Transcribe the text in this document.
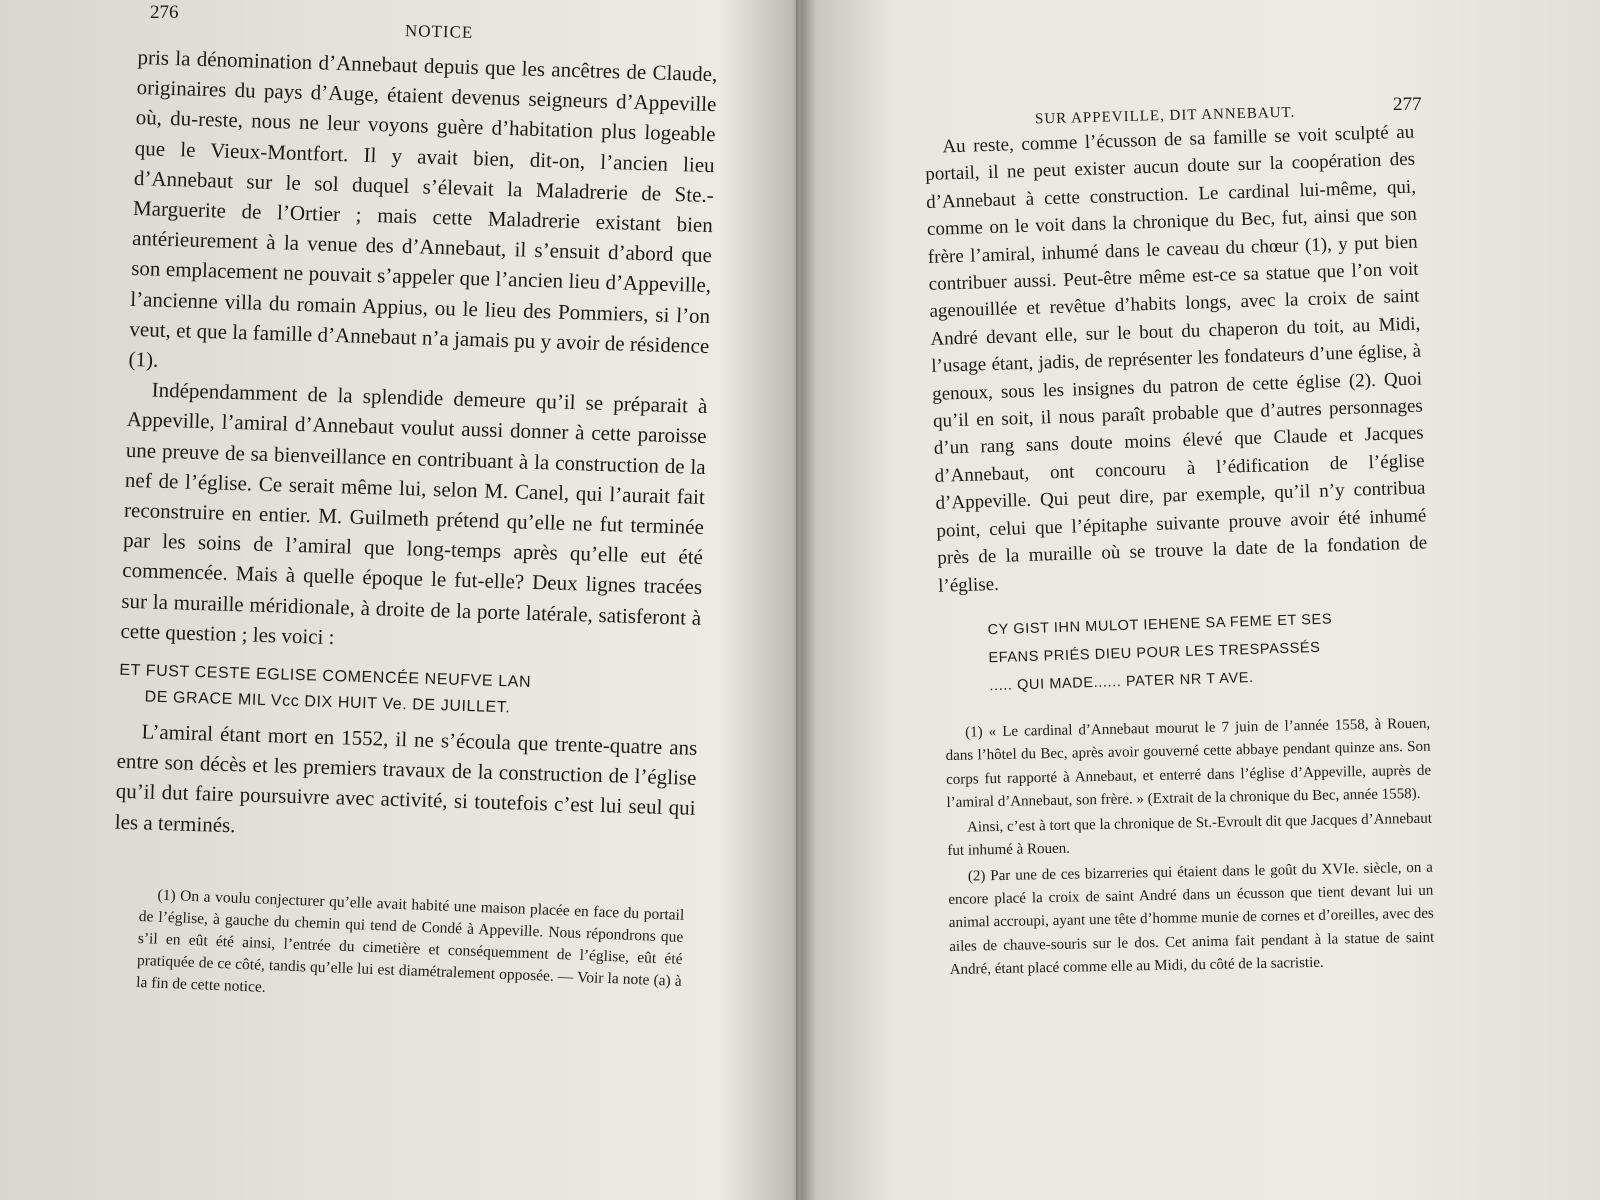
276
NOTICE

pris la dénomination d’Annebaut depuis que les ancêtres de Claude, originaires du pays d’Auge, étaient devenus seigneurs d’Appeville où, du-reste, nous ne leur voyons guère d’habitation plus logeable que le Vieux-Montfort. Il y avait bien, dit-on, l’ancien lieu d’Annebaut sur le sol duquel s’élevait la Maladrerie de Ste.-Marguerite de l’Ortier ; mais cette Maladrerie existant bien antérieurement à la venue des d’Annebaut, il s’ensuit d’abord que son emplacement ne pouvait s’appeler que l’ancien lieu d’Appeville, l’ancienne villa du romain Appius, ou le lieu des Pommiers, si l’on veut, et que la famille d’Annebaut n’a jamais pu y avoir de résidence (1).

Indépendamment de la splendide demeure qu’il se préparait à Appeville, l’amiral d’Annebaut voulut aussi donner à cette paroisse une preuve de sa bienveillance en contribuant à la construction de la nef de l’église. Ce serait même lui, selon M. Canel, qui l’aurait fait reconstruire en entier. M. Guilmeth prétend qu’elle ne fut terminée par les soins de l’amiral que long-temps après qu’elle eut été commencée. Mais à quelle époque le fut-elle? Deux lignes tracées sur la muraille méridionale, à droite de la porte latérale, satisferont à cette question ; les voici :

ET FUST CESTE EGLISE COMENCÉE NEUFVE LAN
DE GRACE MIL Vcc DIX HUIT Ve. DE JUILLET.

L’amiral étant mort en 1552, il ne s’écoula que trente-quatre ans entre son décès et les premiers travaux de la construction de l’église qu’il dut faire poursuivre avec activité, si toutefois c’est lui seul qui les a terminés.

(1) On a voulu conjecturer qu’elle avait habité une maison placée en face du portail de l’église, à gauche du chemin qui tend de Condé à Appeville. Nous répondrons que s’il en eût été ainsi, l’entrée du cimetière et conséquemment de l’église, eût été pratiquée de ce côté, tandis qu’elle lui est diamétralement opposée. — Voir la note (a) à la fin de cette notice.

SUR APPEVILLE, DIT ANNEBAUT.
277

Au reste, comme l’écusson de sa famille se voit sculpté au portail, il ne peut exister aucun doute sur la coopération des d’Annebaut à cette construction. Le cardinal lui-même, qui, comme on le voit dans la chronique du Bec, fut, ainsi que son frère l’amiral, inhumé dans le caveau du chœur (1), y put bien contribuer aussi. Peut-être même est-ce sa statue que l’on voit agenouillée et revêtue d’habits longs, avec la croix de saint André devant elle, sur le bout du chaperon du toit, au Midi, l’usage étant, jadis, de représenter les fondateurs d’une église, à genoux, sous les insignes du patron de cette église (2). Quoi qu’il en soit, il nous paraît probable que d’autres personnages d’un rang sans doute moins élevé que Claude et Jacques d’Annebaut, ont concouru à l’édification de l’église d’Appeville. Qui peut dire, par exemple, qu’il n’y contribua point, celui que l’épitaphe suivante prouve avoir été inhumé près de la muraille où se trouve la date de la fondation de l’église.

CY GIST IHN MULOT IEHENE SA FEME ET SES
EFANS PRIÉS DIEU POUR LES TRESPASSÉS
..... QUI MADE...... PATER NR T AVE.

(1) « Le cardinal d’Annebaut mourut le 7 juin de l’année 1558, à Rouen, dans l’hôtel du Bec, après avoir gouverné cette abbaye pendant quinze ans. Son corps fut rapporté à Annebaut, et enterré dans l’église d’Appeville, auprès de l’amiral d’Annebaut, son frère. » (Extrait de la chronique du Bec, année 1558).

Ainsi, c’est à tort que la chronique de St.-Evroult dit que Jacques d’Annebaut fut inhumé à Rouen.

(2) Par une de ces bizarreries qui étaient dans le goût du XVIe. siècle, on a encore placé la croix de saint André dans un écusson que tient devant lui un animal accroupi, ayant une tête d’homme munie de cornes et d’oreilles, avec des ailes de chauve-souris sur le dos. Cet anima fait pendant à la statue de saint André, étant placé comme elle au Midi, du côté de la sacristie.
